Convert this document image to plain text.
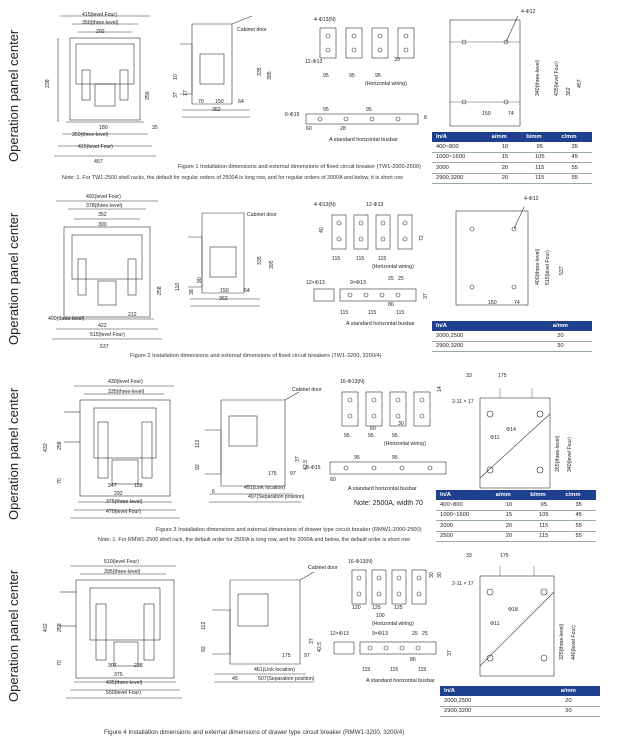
Operation panel center
415(level Four)
350(three-level)
292
238
256
35
180
350(three-level)
415(level Four)
457
Cabinet door
335 395
150
70	64
362
10
37 17
4-Φ13(N)
12-Φ13	30
95	95	95
(Horizontal wiring)
6-Φ15
95	95
60	28
A standard horizontal busbar
8
4-Φ12
362
340(three-level)	435(level Four)	457
150	74
In/A	a/mm	b/mm	c/mm
400~800	10	95	35
1000~1600	15	105	45
2000	20	115	55
2900,3200	20	115	55
Figure 1 Installation dimensions and external dimensions of fixed circuit breaker (TW1-2000-2500)
Note: 1. For TW1-2500 shell racks, the default for regular orders of 2500A is long row, and for regular orders of 2000A and below, it is short row
Operation panel center
492(level Four)
378(three-level)
352
300
258
400(three-level)
212
422
515(level Four)
537
Cabinet door
335 395
110
38
90
150	64
362
4-Φ13(N)	12-Φ13
40
115	115	115
72
(Horizontal wiring)
12×Φ13	9×Φ13
25 25
86
115	115	115
37
A standard horizontal busbar
4-Φ12
400(three-level) 515(level Four) 537
150	74
In/A	a/mm
2000,2500	20
2900,3200	30
Figure 2 Installation dimensions and external dimensions of fixed circuit breakers (TW1-3200, 3200/4)
Operation panel center
430(level Four)
335(three-level)
432 258
70
347	188
292
375(three-level)
470(level Four)
Cabinet door
112
92
37
42.5
175	97
451(Link location)
497(Separation position)
6
16-Φ13(N)
14
95	95	95
60
30
(Horizontal wiring)
8-Φ15
95	95
60
A standard horizontal busbar
Note: 2500A, width 70
33	175
2-11 × 17
Φ14
Φ11	265(three-level) 340(level Four)
In/A	a/mm	b/mm	c/mm
400~800	10	95	35
1000~1600	15	105	45
2000	20	115	55
2500	20	115	55
Figure 3 Installation dimensions and external dimensions of drawer type circuit breaker (RMW1-2000-2500)
Note: 1. For RMW1-2500 shell rack, the default order for 2500A is long row, and for 2000A and below, the default order is short row
Operation panel center
510(level Four)
395(three-level)
432 258
70	307	238
375
435(three-level)
550(level Four)
Cabinet door
112
92
37
42.5
175	97
461(Link location)
507(Separation position)
45
16-Φ13(N)
30 30
120 125	125
100
(Horizontal wiring)
12×Φ13	9×Φ13	25 25
86
115	115	115
37
A standard horizontal busbar
33	175
2-11 × 17
Φ18
Φ11	325(three-level) 440(level Four)
In/A	a/mm
2000,2500	20
2900,3200	30
Figure 4 Installation dimensions and external dimensions of drawer type circuit breaker (RMW1-3200, 3200/4)
